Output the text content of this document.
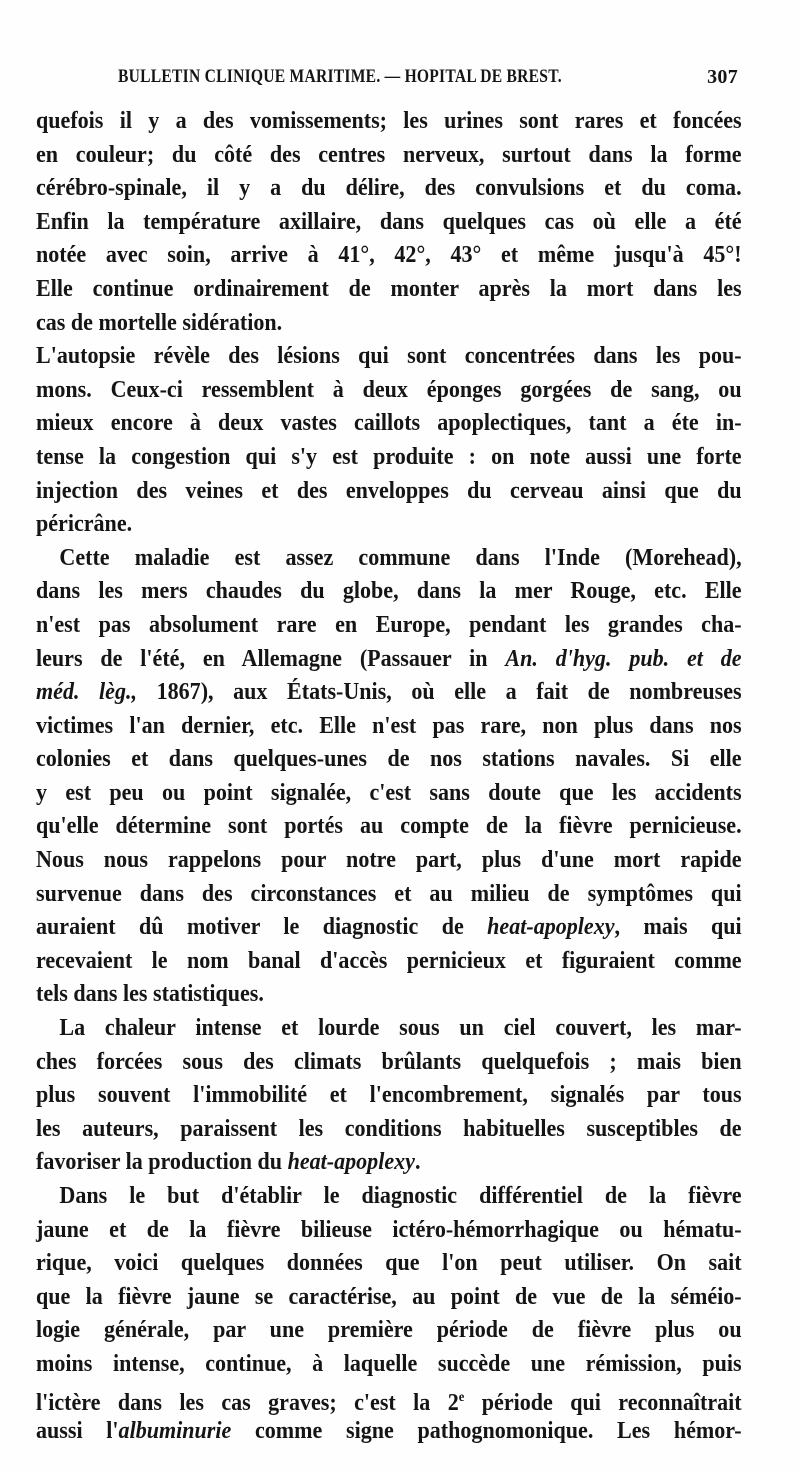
BULLETIN CLINIQUE MARITIME. — HOPITAL DE BREST.	307
quefois il y a des vomissements; les urines sont rares et foncées
en couleur; du côté des centres nerveux, surtout dans la forme
cérébro-spinale, il y a du délire, des convulsions et du coma.
Enfin la température axillaire, dans quelques cas où elle a été
notée avec soin, arrive à 41°, 42°, 43° et même jusqu'à 45°!
Elle continue ordinairement de monter après la mort dans les
cas de mortelle sidération.
L'autopsie révèle des lésions qui sont concentrées dans les pou-
mons. Ceux-ci ressemblent à deux éponges gorgées de sang, ou
mieux encore à deux vastes caillots apoplectiques, tant a éte in-
tense la congestion qui s'y est produite : on note aussi une forte
injection des veines et des enveloppes du cerveau ainsi que du
péricrâne.
Cette maladie est assez commune dans l'Inde (Morehead),
dans les mers chaudes du globe, dans la mer Rouge, etc. Elle
n'est pas absolument rare en Europe, pendant les grandes cha-
leurs de l'été, en Allemagne (Passauer in An. d'hyg. pub. et de
méd. lèg., 1867), aux États-Unis, où elle a fait de nombreuses
victimes l'an dernier, etc. Elle n'est pas rare, non plus dans nos
colonies et dans quelques-unes de nos stations navales. Si elle
y est peu ou point signalée, c'est sans doute que les accidents
qu'elle détermine sont portés au compte de la fièvre pernicieuse.
Nous nous rappelons pour notre part, plus d'une mort rapide
survenue dans des circonstances et au milieu de symptômes qui
auraient dû motiver le diagnostic de heat-apoplexy, mais qui
recevaient le nom banal d'accès pernicieux et figuraient comme
tels dans les statistiques.
La chaleur intense et lourde sous un ciel couvert, les mar-
ches forcées sous des climats brûlants quelquefois ; mais bien
plus souvent l'immobilité et l'encombrement, signalés par tous
les auteurs, paraissent les conditions habituelles susceptibles de
favoriser la production du heat-apoplexy.
Dans le but d'établir le diagnostic différentiel de la fièvre
jaune et de la fièvre bilieuse ictéro-hémorrhagique ou hématu-
rique, voici quelques données que l'on peut utiliser. On sait
que la fièvre jaune se caractérise, au point de vue de la séméio-
logie générale, par une première période de fièvre plus ou
moins intense, continue, à laquelle succède une rémission, puis
l'ictère dans les cas graves; c'est la 2e période qui reconnaîtrait
aussi l'albuminurie comme signe pathognomonique. Les hémor-
